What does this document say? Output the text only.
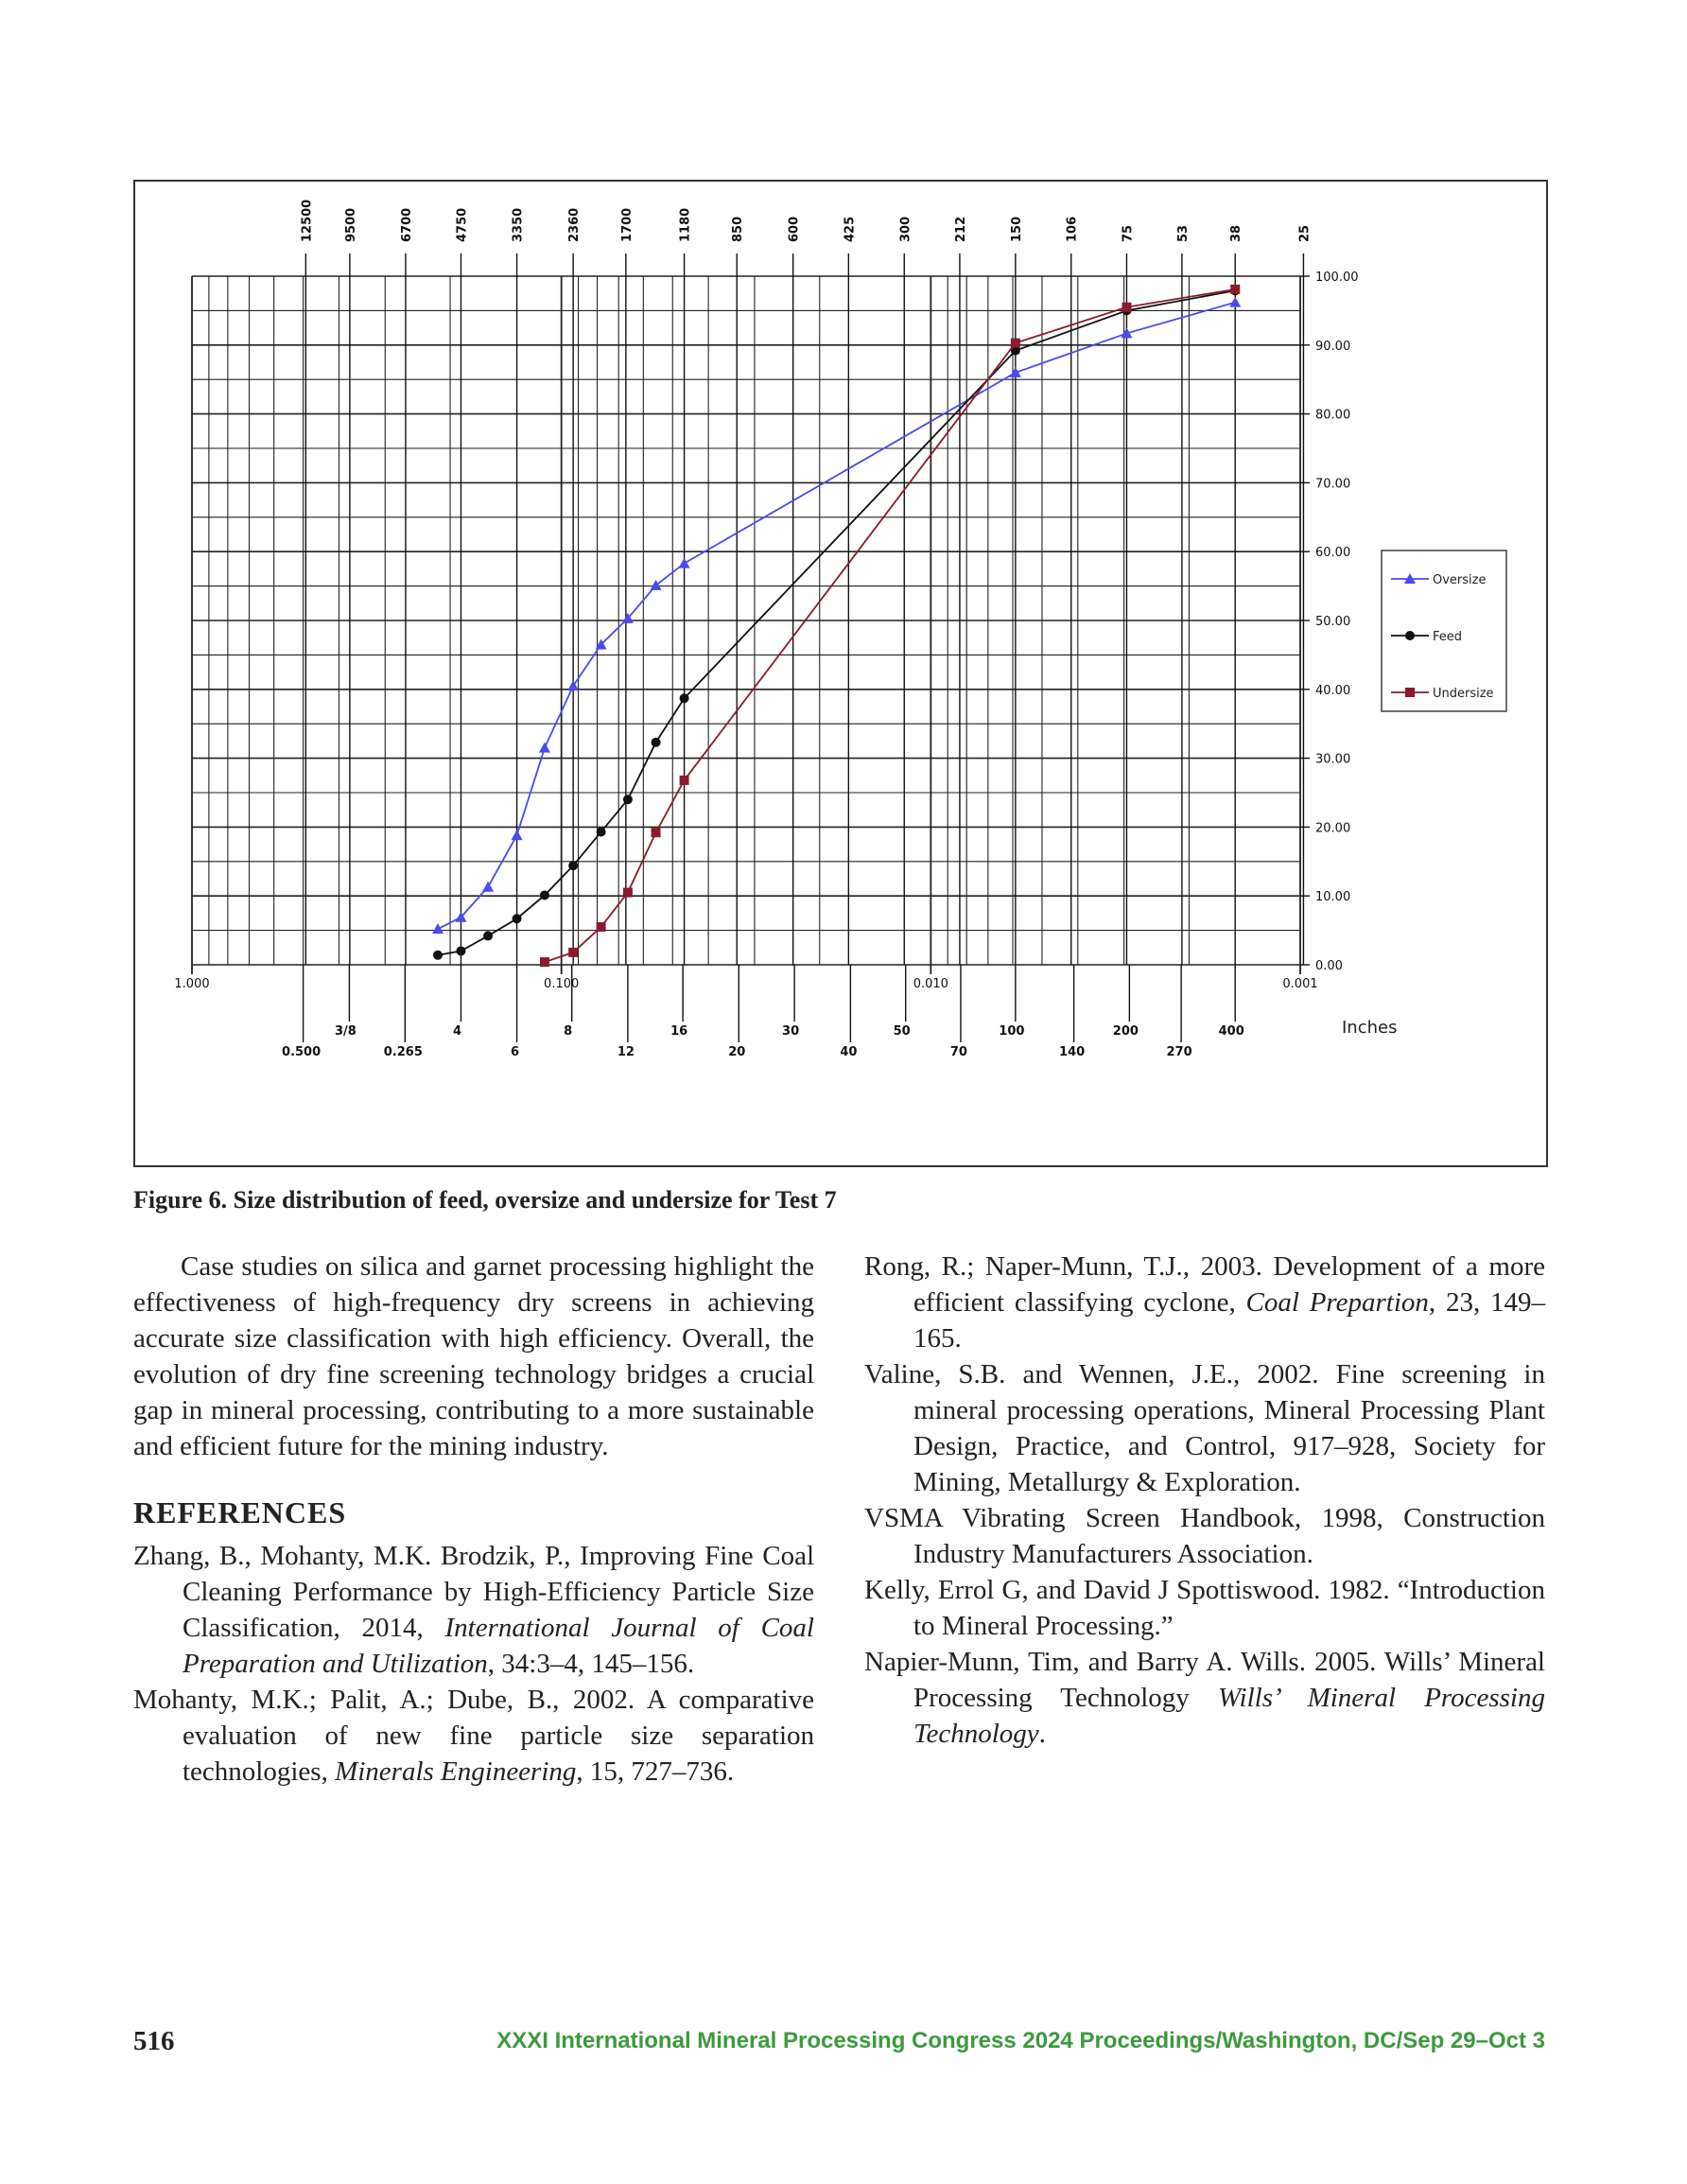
12500 9500	6700	4750	3350	2360	1700	1180	850	600	425	300	212	150	106	75	53	38	25
0.500
3/8
0.265
4
6
8
12
16
20
30
40
50
70
100
140
200
270
400
1.000	0.100	0.010	0.001
Inches
0.00
10.00
20.00
30.00
40.00
50.00
60.00
70.00
80.00
90.00
100.00
Oversize
Feed
Undersize
Figure 6. Size distribution of feed, oversize and undersize for Test 7

Case studies on silica and garnet processing highlight the effectiveness of high-frequency dry screens in achieving accurate size classification with high efficiency. Overall, the evolution of dry fine screening technology bridges a crucial gap in mineral processing, contributing to a more sustainable and efficient future for the mining industry.

REFERENCES

Zhang, B., Mohanty, M.K. Brodzik, P., Improving Fine Coal Cleaning Performance by High-Efficiency Particle Size Classification, 2014, International Journal of Coal Preparation and Utilization, 34:3–4, 145–156.

Mohanty, M.K.; Palit, A.; Dube, B., 2002. A comparative evaluation of new fine particle size separation technologies, Minerals Engineering, 15, 727–736.

Rong, R.; Naper-Munn, T.J., 2003. Development of a more efficient classifying cyclone, Coal Prepartion, 23, 149–165.

Valine, S.B. and Wennen, J.E., 2002. Fine screening in mineral processing operations, Mineral Processing Plant Design, Practice, and Control, 917–928, Society for Mining, Metallurgy & Exploration.

VSMA Vibrating Screen Handbook, 1998, Construction Industry Manufacturers Association.

Kelly, Errol G, and David J Spottiswood. 1982. “Introduction to Mineral Processing.”

Napier-Munn, Tim, and Barry A. Wills. 2005. Wills’ Mineral Processing Technology Wills’ Mineral Processing Technology.

516	XXXI International Mineral Processing Congress 2024 Proceedings/Washington, DC/Sep 29–Oct 3
